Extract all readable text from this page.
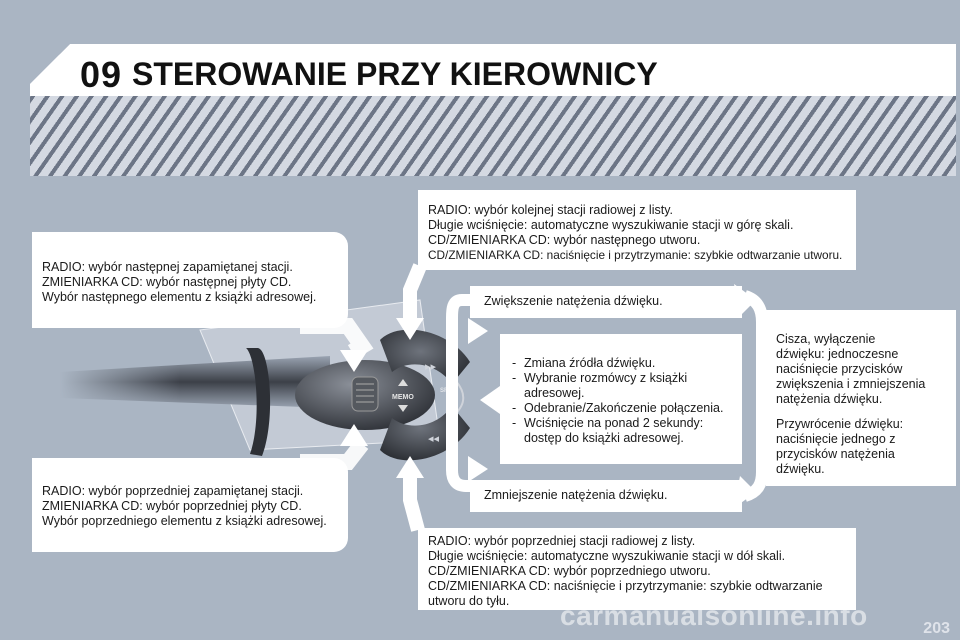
09 STEROWANIE PRZY KIEROWNICY
MEMO
▸▸
◂◂
SRC
RADIO: wybór kolejnej stacji radiowej z listy.
Długie wciśnięcie: automatyczne wyszukiwanie stacji w górę skali.
CD/ZMIENIARKA CD: wybór następnego utworu.
CD/ZMIENIARKA CD: naciśnięcie i przytrzymanie: szybkie odtwarzanie utworu.
RADIO: wybór następnej zapamiętanej stacji.
ZMIENIARKA CD: wybór następnej płyty CD.
Wybór następnego elementu z książki adresowej.	Zwiększenie natężenia dźwięku.
- Zmiana źródła dźwięku.
- Wybranie rozmówcy z książki
adresowej.
- Odebranie/Zakończenie połączenia.
- Wciśnięcie na ponad 2 sekundy:
dostęp do książki adresowej.
Cisza, wyłączenie
dźwięku: jednoczesne
naciśnięcie przycisków
zwiększenia i zmniejszenia
natężenia dźwięku.
Przywrócenie dźwięku:
naciśnięcie jednego z
przycisków natężenia
dźwięku.
RADIO: wybór poprzedniej zapamiętanej stacji.
ZMIENIARKA CD: wybór poprzedniej płyty CD.
Wybór poprzedniego elementu z książki adresowej.
Zmniejszenie natężenia dźwięku.
RADIO: wybór poprzedniej stacji radiowej z listy.
Długie wciśnięcie: automatyczne wyszukiwanie stacji w dół skali.
CD/ZMIENIARKA CD: wybór poprzedniego utworu.
CD/ZMIENIARKA CD: naciśnięcie i przytrzymanie: szybkie odtwarzanie
utworu do tyłu.	carmanualsonline.info	203
